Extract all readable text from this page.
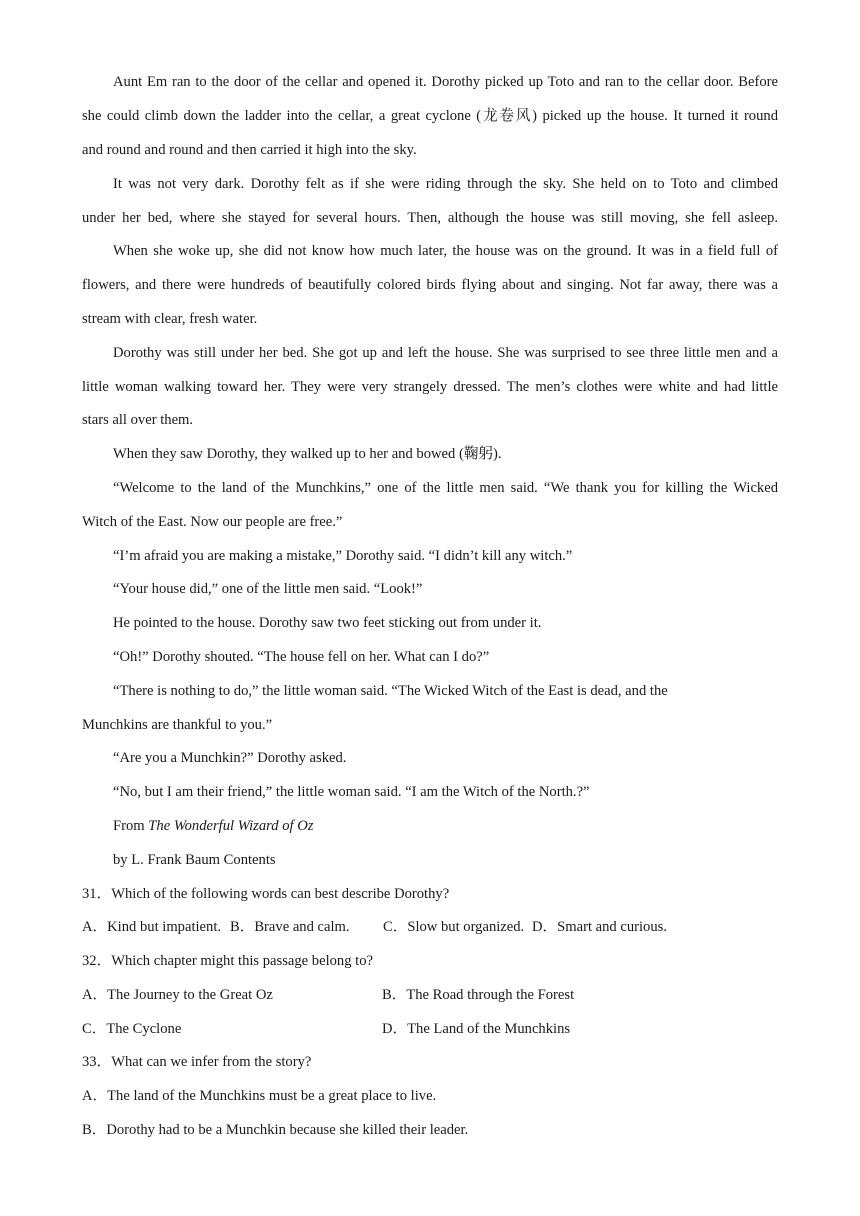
Aunt Em ran to the door of the cellar and opened it. Dorothy picked up Toto and ran to the cellar door. Before
she could climb down the ladder into the cellar, a great cyclone (龙卷风) picked up the house. It turned it round
and round and round and then carried it high into the sky.
It was not very dark. Dorothy felt as if she were riding through the sky. She held on to Toto and climbed
under her bed, where she stayed for several hours. Then, although the house was still moving, she fell asleep.
When she woke up, she did not know how much later, the house was on the ground. It was in a field full of
flowers, and there were hundreds of beautifully colored birds flying about and singing. Not far away, there was a
stream with clear, fresh water.
Dorothy was still under her bed. She got up and left the house. She was surprised to see three little men and a
little woman walking toward her. They were very strangely dressed. The men’s clothes were white and had little
stars all over them.
When they saw Dorothy, they walked up to her and bowed (鞠躬).
“Welcome to the land of the Munchkins,” one of the little men said. “We thank you for killing the Wicked
Witch of the East. Now our people are free.”
“I’m afraid you are making a mistake,” Dorothy said. “I didn’t kill any witch.”
“Your house did,” one of the little men said. “Look!”
He pointed to the house. Dorothy saw two feet sticking out from under it.
“Oh!” Dorothy shouted. “The house fell on her. What can I do?”
“There is nothing to do,” the little woman said. “The Wicked Witch of the East is dead, and the
Munchkins are thankful to you.”
“Are you a Munchkin?” Dorothy asked.
“No, but I am their friend,” the little woman said. “I am the Witch of the North.?”
From The Wonderful Wizard of Oz
by L. Frank Baum Contents
31．Which of the following words can best describe Dorothy?
A．Kind but impatient. B．Brave and calm. C．Slow but organized. D．Smart and curious.
32．Which chapter might this passage belong to?
A．The Journey to the Great Oz	B．The Road through the Forest
C．The Cyclone	D．The Land of the Munchkins
33．What can we infer from the story?
A．The land of the Munchkins must be a great place to live.
B．Dorothy had to be a Munchkin because she killed their leader.
